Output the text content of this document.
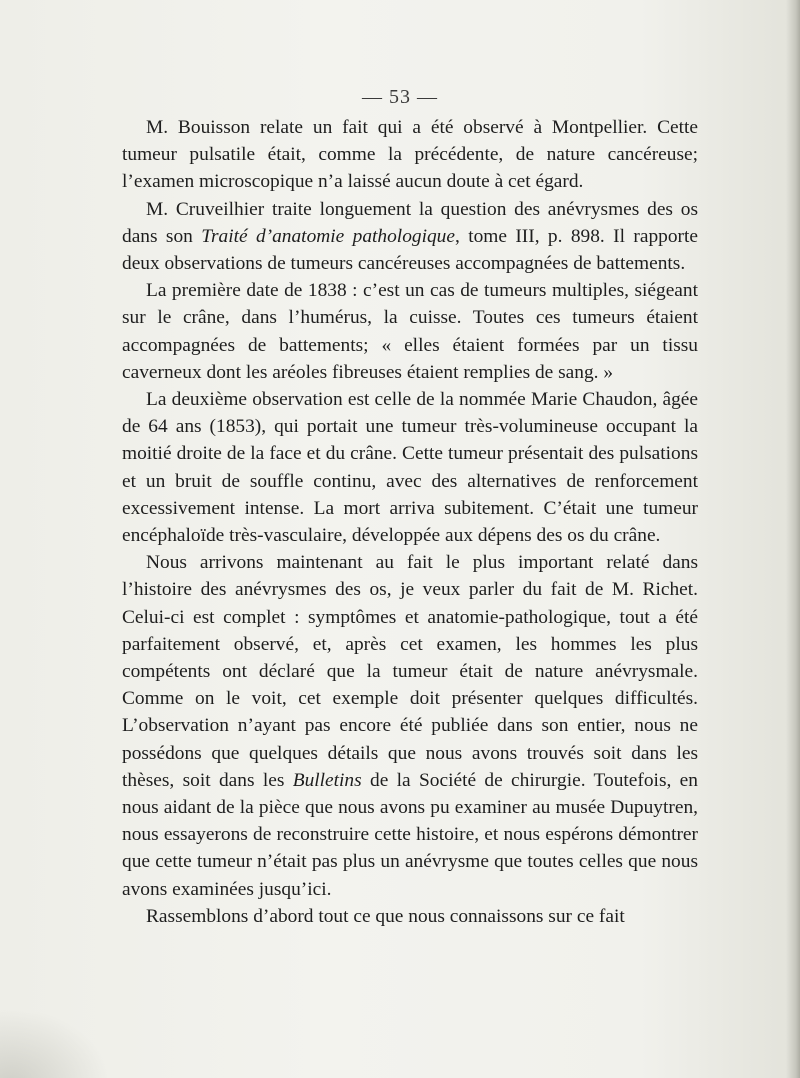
— 53 —

M. Bouisson relate un fait qui a été observé à Montpellier. Cette tumeur pulsatile était, comme la précédente, de nature cancéreuse; l’examen microscopique n’a laissé aucun doute à cet égard.

M. Cruveilhier traite longuement la question des anévrysmes des os dans son Traité d’anatomie pathologique, tome III, p. 898. Il rapporte deux observations de tumeurs cancéreuses accompagnées de battements.

La première date de 1838 : c’est un cas de tumeurs multiples, siégeant sur le crâne, dans l’humérus, la cuisse. Toutes ces tumeurs étaient accompagnées de battements; « elles étaient formées par un tissu caverneux dont les aréoles fibreuses étaient remplies de sang. »

La deuxième observation est celle de la nommée Marie Chaudon, âgée de 64 ans (1853), qui portait une tumeur très-volumineuse occupant la moitié droite de la face et du crâne. Cette tumeur présentait des pulsations et un bruit de souffle continu, avec des alternatives de renforcement excessivement intense. La mort arriva subitement. C’était une tumeur encéphaloïde très-vasculaire, développée aux dépens des os du crâne.

Nous arrivons maintenant au fait le plus important relaté dans l’histoire des anévrysmes des os, je veux parler du fait de M. Richet. Celui-ci est complet : symptômes et anatomie-pathologique, tout a été parfaitement observé, et, après cet examen, les hommes les plus compétents ont déclaré que la tumeur était de nature anévrysmale. Comme on le voit, cet exemple doit présenter quelques difficultés. L’observation n’ayant pas encore été publiée dans son entier, nous ne possédons que quelques détails que nous avons trouvés soit dans les thèses, soit dans les Bulletins de la Société de chirurgie. Toutefois, en nous aidant de la pièce que nous avons pu examiner au musée Dupuytren, nous essayerons de reconstruire cette histoire, et nous espérons démontrer que cette tumeur n’était pas plus un anévrysme que toutes celles que nous avons examinées jusqu’ici.

Rassemblons d’abord tout ce que nous connaissons sur ce fait
